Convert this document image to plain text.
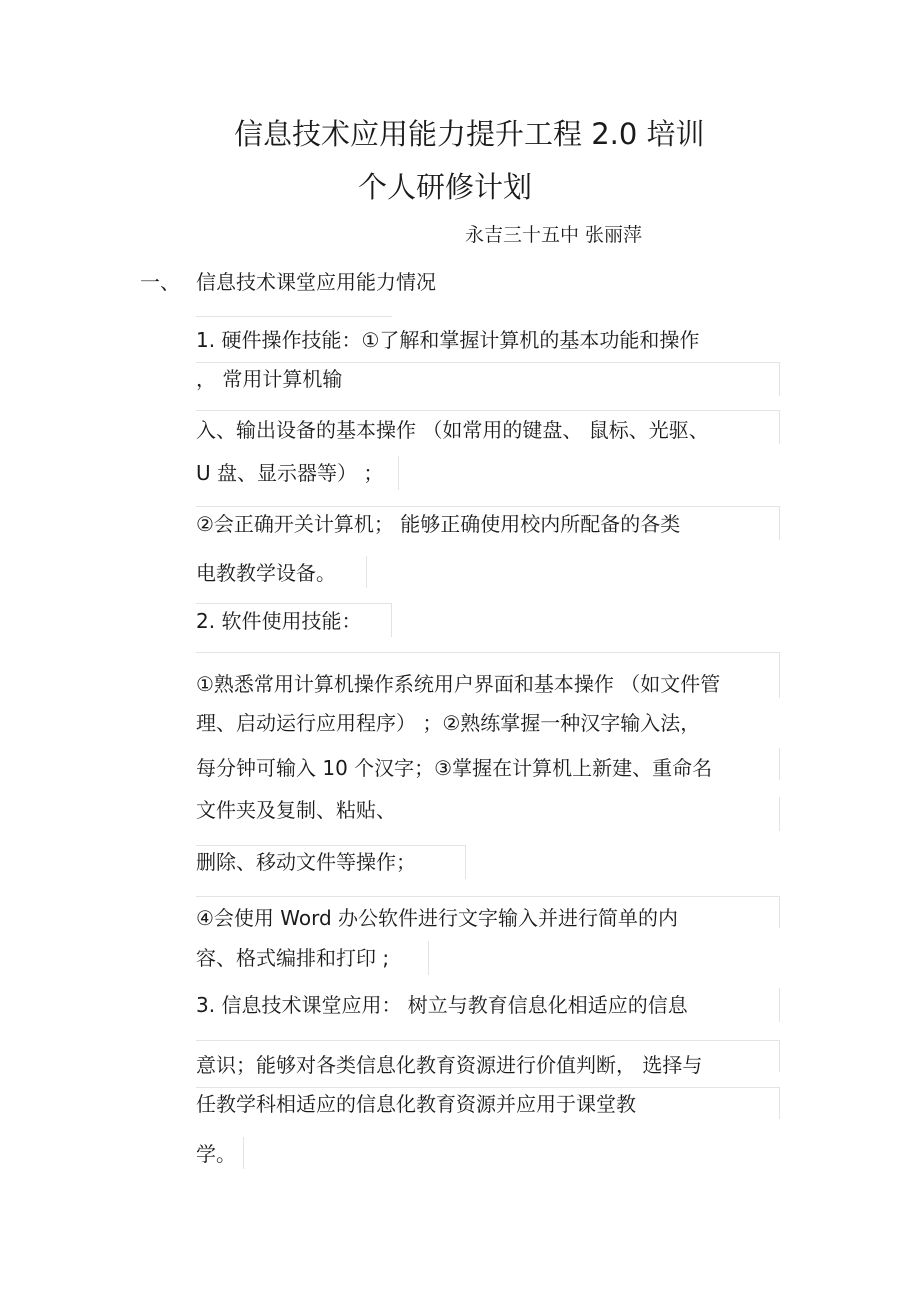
信息技术应用能力提升工程 2.0 培训
个人研修计划
永吉三十五中 张丽萍
一、 信息技术课堂应用能力情况
1. 硬件操作技能：①了解和掌握计算机的基本功能和操作
， 常用计算机输
入、输出设备的基本操作 （如常用的键盘、 鼠标、光驱、
U 盘、显示器等） ；
②会正确开关计算机； 能够正确使用校内所配备的各类
电教教学设备。
2. 软件使用技能：
①熟悉常用计算机操作系统用户界面和基本操作 （如文件管
理、启动运行应用程序） ；②熟练掌握一种汉字输入法，
每分钟可输入 10 个汉字；③掌握在计算机上新建、重命名
文件夹及复制、粘贴、
删除、移动文件等操作；
④会使用 Word 办公软件进行文字输入并进行简单的内
容、格式编排和打印 ;
3. 信息技术课堂应用： 树立与教育信息化相适应的信息
意识；能够对各类信息化教育资源进行价值判断， 选择与
任教学科相适应的信息化教育资源并应用于课堂教
学。
